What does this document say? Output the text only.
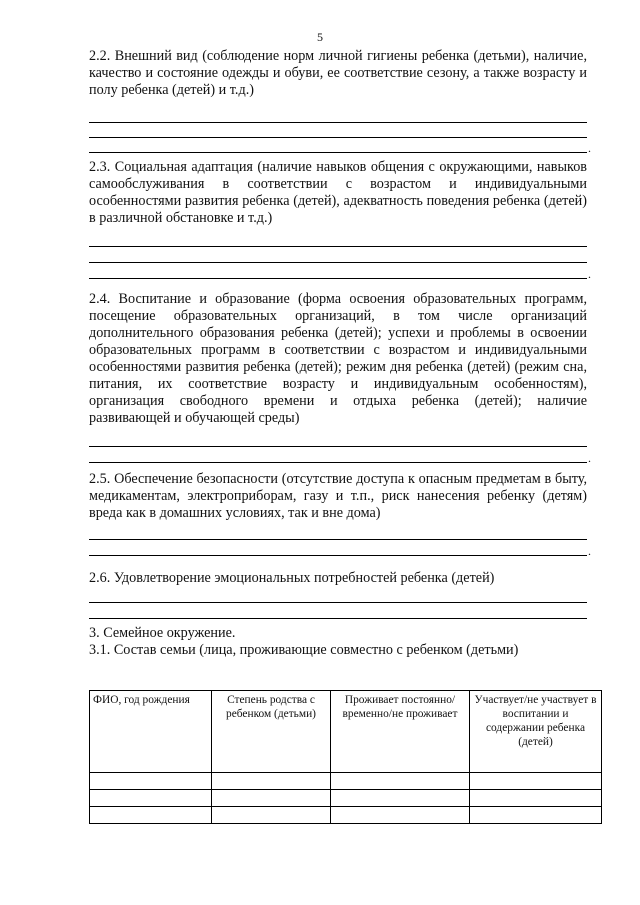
5

2.2. Внешний вид (соблюдение норм личной гигиены ребенка (детьми), наличие, качество и состояние одежды и обуви, ее соответствие сезону, а также возрасту и полу ребенка (детей) и т.д.)

.

2.3. Социальная адаптация (наличие навыков общения с окружающими, навыков самообслуживания в соответствии с возрастом и индивидуальными особенностями развития ребенка (детей), адекватность поведения ребенка (детей) в различной обстановке и т.д.)

.

2.4. Воспитание и образование (форма освоения образовательных программ, посещение образовательных организаций, в том числе организаций дополнительного образования ребенка (детей); успехи и проблемы в освоении образовательных программ в соответствии с возрастом и индивидуальными особенностями развития ребенка (детей); режим дня ребенка (детей) (режим сна, питания, их соответствие возрасту и индивидуальным особенностям), организация свободного времени и отдыха ребенка (детей); наличие развивающей и обучающей среды)

.

2.5. Обеспечение безопасности (отсутствие доступа к опасным предметам в быту, медикаментам, электроприборам, газу и т.п., риск нанесения ребенку (детям) вреда как в домашних условиях, так и вне дома)

.

2.6. Удовлетворение эмоциональных потребностей ребенка (детей)

3. Семейное окружение.

3.1. Состав семьи (лица, проживающие совместно с ребенком (детьми)

ФИО, год рождения	Степень родства с ребенком (детьми)	Проживает постоянно/временно/не проживает	Участвует/не участвует в воспитании и содержании ребенка (детей)
